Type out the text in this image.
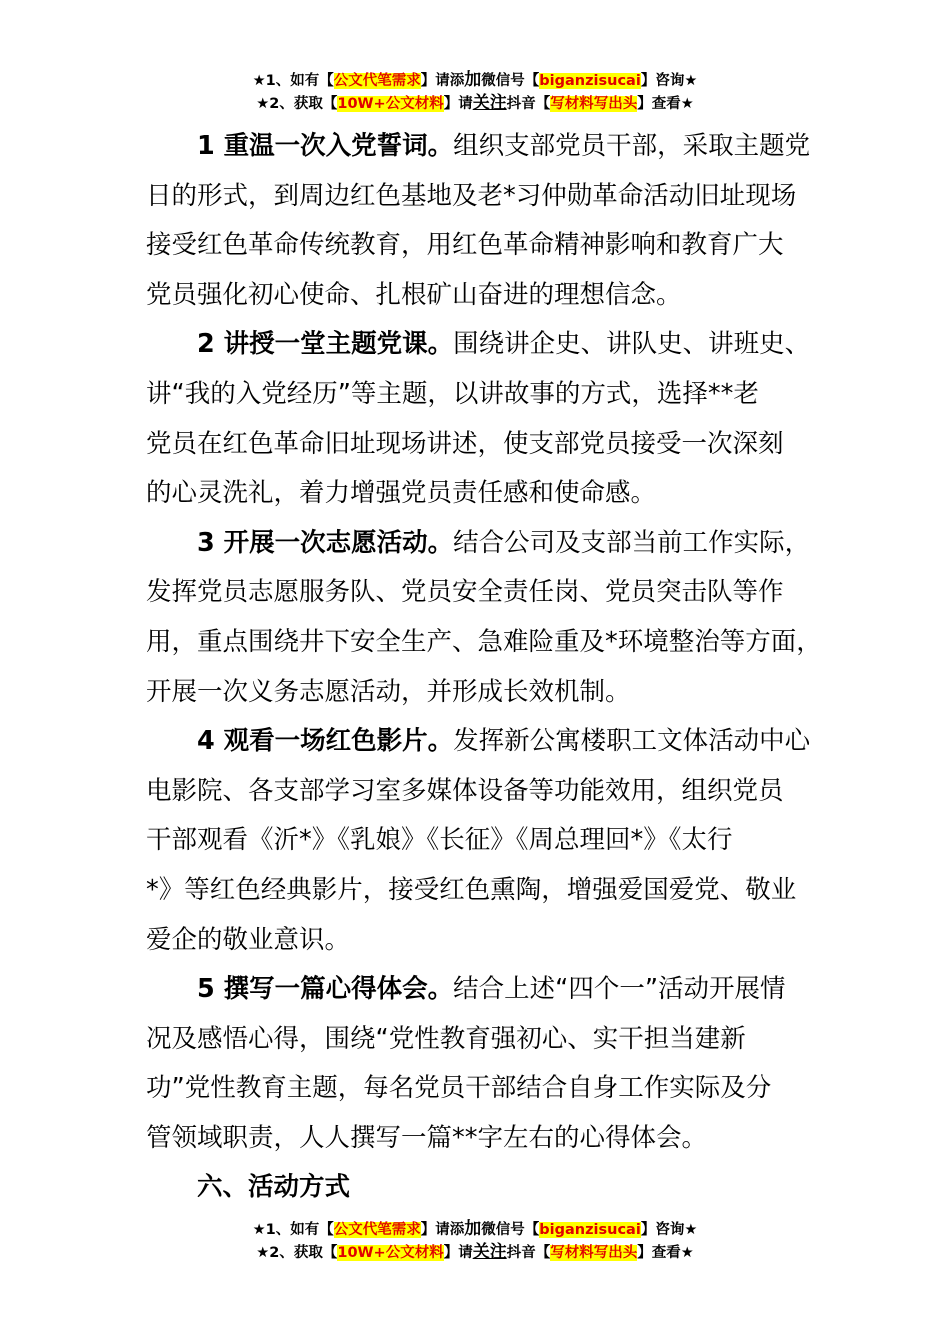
★1、如有【公文代笔需求】请添加微信号【biganzisucai】咨询★
★2、获取【10W+公文材料】请关注抖音【写材料写出头】查看★

1 重温一次入党誓词。组织支部党员干部，采取主题党
日的形式，到周边红色基地及老*习仲勋革命活动旧址现场
接受红色革命传统教育，用红色革命精神影响和教育广大
党员强化初心使命、扎根矿山奋进的理想信念。

2 讲授一堂主题党课。围绕讲企史、讲队史、讲班史、
讲“我的入党经历”等主题，以讲故事的方式，选择**老
党员在红色革命旧址现场讲述，使支部党员接受一次深刻
的心灵洗礼，着力增强党员责任感和使命感。

3 开展一次志愿活动。结合公司及支部当前工作实际，
发挥党员志愿服务队、党员安全责任岗、党员突击队等作
用，重点围绕井下安全生产、急难险重及*环境整治等方面，
开展一次义务志愿活动，并形成长效机制。

4 观看一场红色影片。发挥新公寓楼职工文体活动中心
电影院、各支部学习室多媒体设备等功能效用，组织党员
干部观看《沂*》《乳娘》《长征》《周总理回*》《太行
*》等红色经典影片，接受红色熏陶，增强爱国爱党、敬业
爱企的敬业意识。

5 撰写一篇心得体会。结合上述“四个一”活动开展情
况及感悟心得，围绕“党性教育强初心、实干担当建新
功”党性教育主题，每名党员干部结合自身工作实际及分
管领域职责，人人撰写一篇**字左右的心得体会。

六、活动方式

★1、如有【公文代笔需求】请添加微信号【biganzisucai】咨询★
★2、获取【10W+公文材料】请关注抖音【写材料写出头】查看★
